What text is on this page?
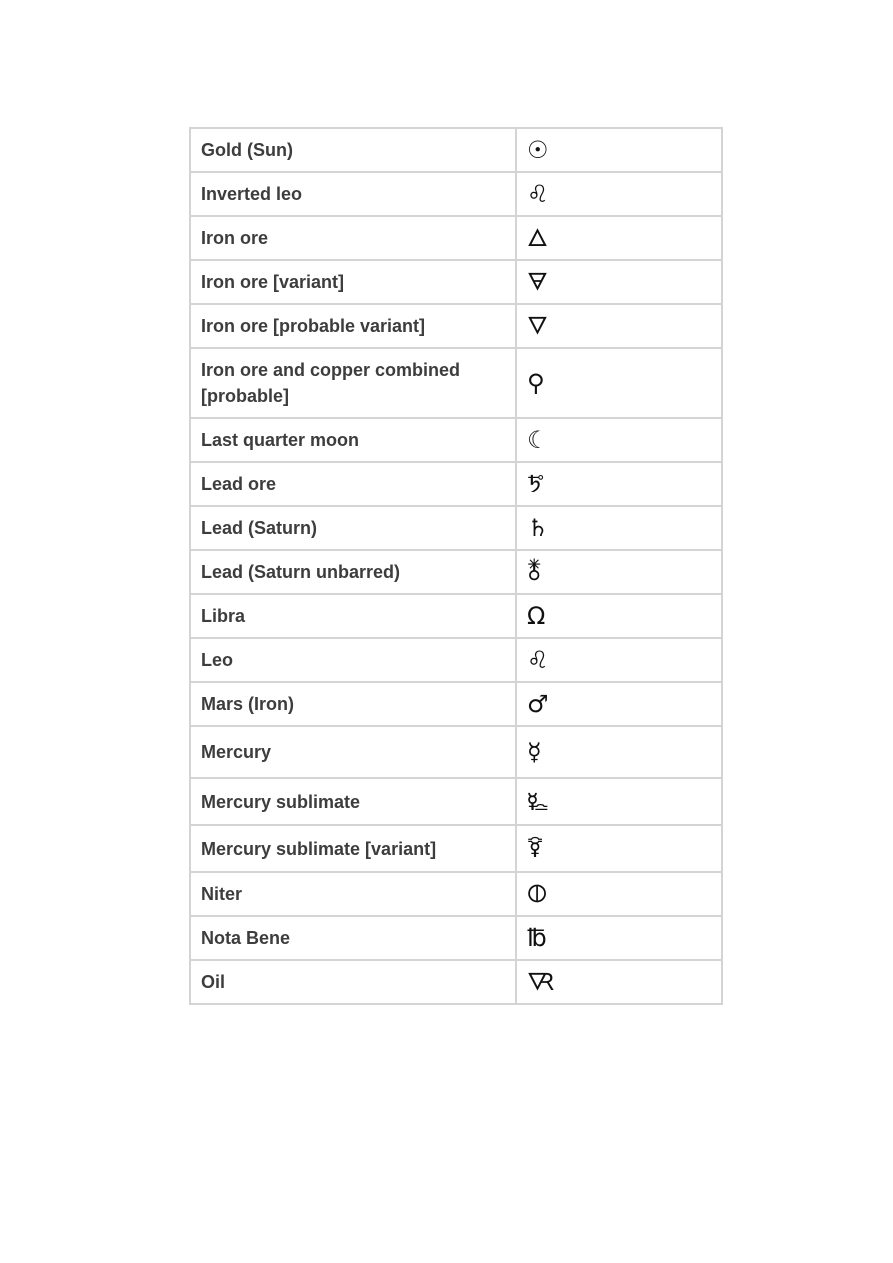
Gold (Sun)	☉
Inverted leo	♌
Iron ore	🜂
Iron ore [variant]	🜃
Iron ore [probable variant]	🜄
Iron ore and copper combined [probable]	⚲
Last quarter moon	☾
Lead ore	🜪
Lead (Saturn)	♄
Lead (Saturn unbarred)	🜬
Libra	Ω
Leo	♌
Mars (Iron)	♂
Mercury	☿
Mercury sublimate	🜐
Mercury sublimate [variant]	🜑
Niter	🜕
Nota Bene	℔
Oil	🜆
